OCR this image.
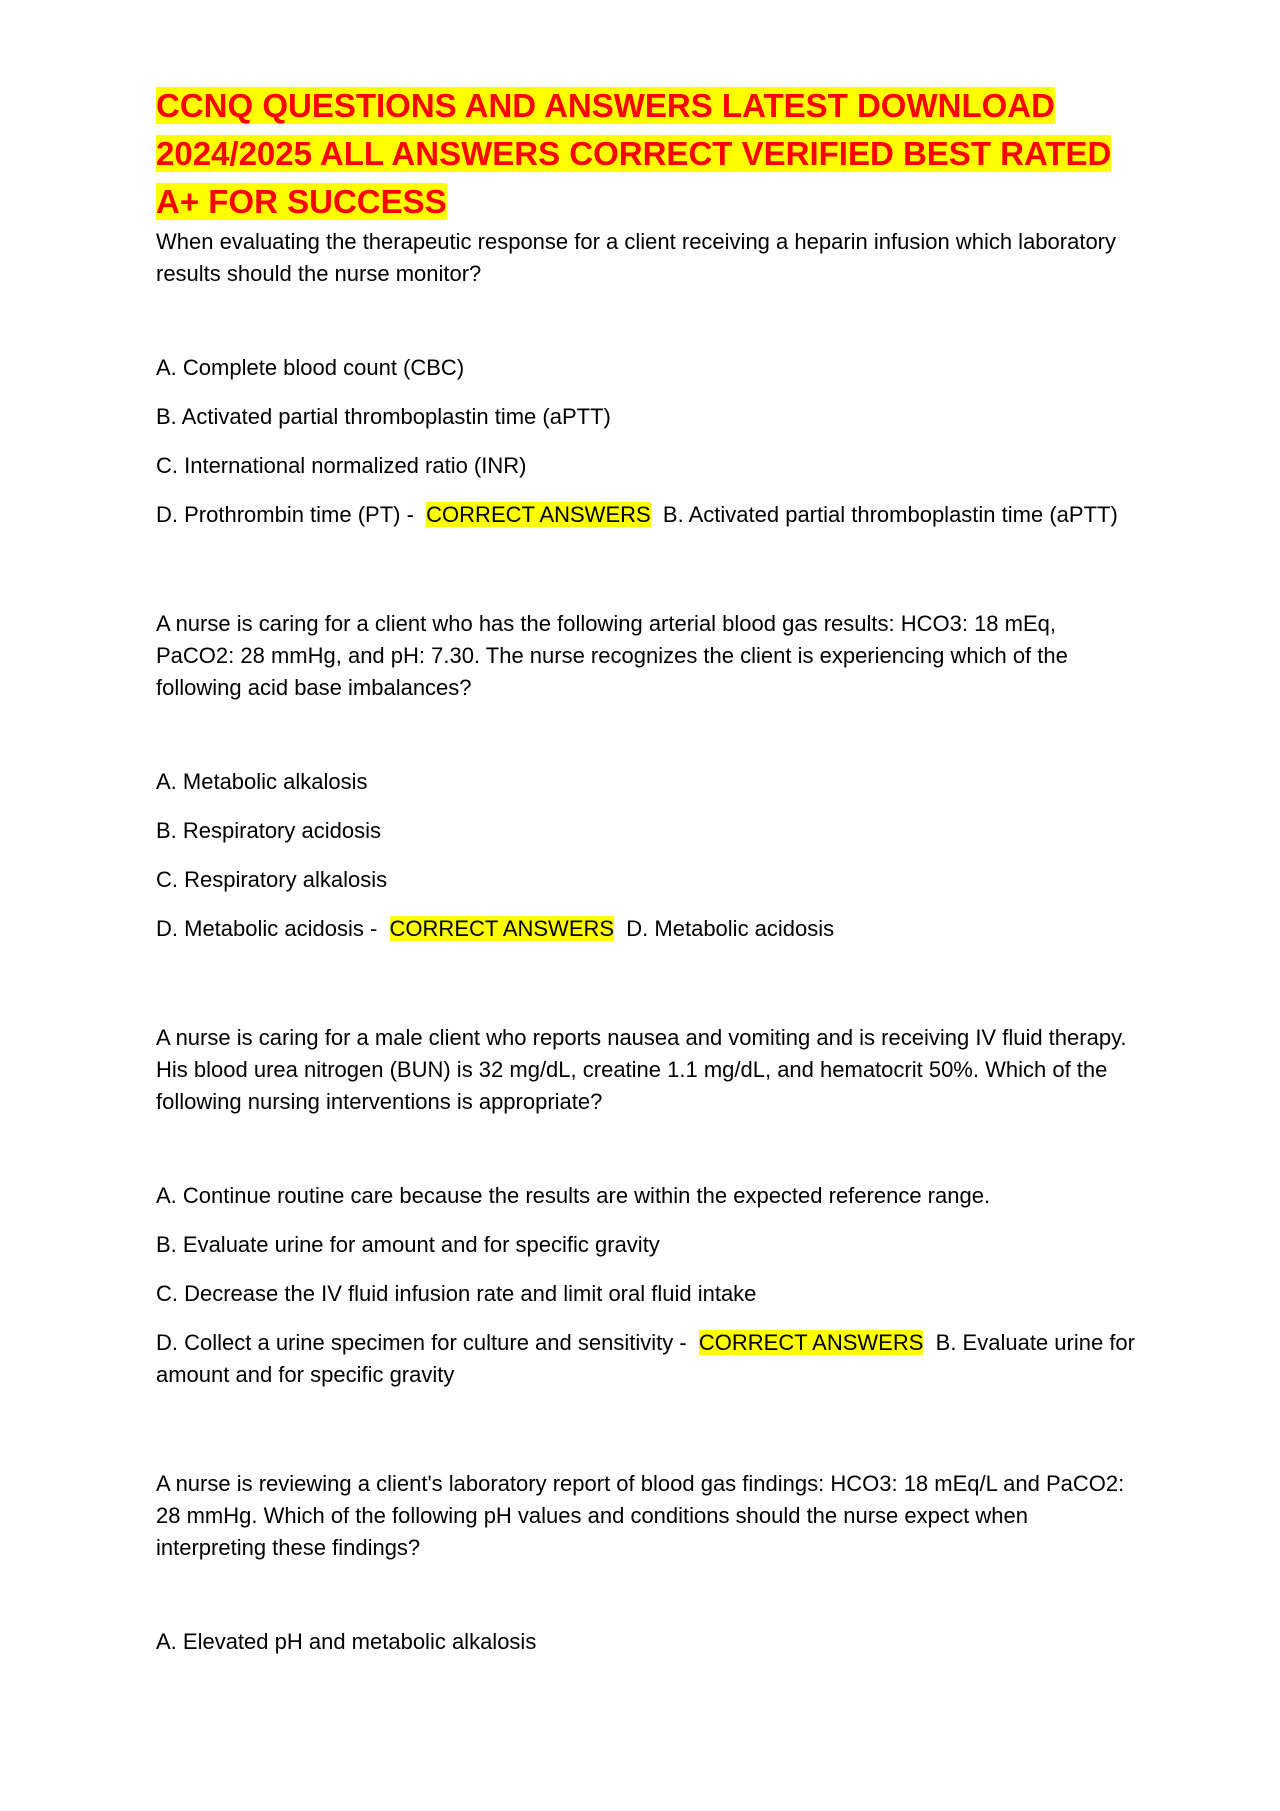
CCNQ QUESTIONS AND ANSWERS LATEST DOWNLOAD 2024/2025 ALL ANSWERS CORRECT VERIFIED BEST RATED A+ FOR SUCCESS

When evaluating the therapeutic response for a client receiving a heparin infusion which laboratory results should the nurse monitor?

A. Complete blood count (CBC)

B. Activated partial thromboplastin time (aPTT)

C. International normalized ratio (INR)

D. Prothrombin time (PT) -  CORRECT ANSWERS B. Activated partial thromboplastin time (aPTT)

A nurse is caring for a client who has the following arterial blood gas results: HCO3: 18 mEq, PaCO2: 28 mmHg, and pH: 7.30. The nurse recognizes the client is experiencing which of the following acid base imbalances?

A. Metabolic alkalosis

B. Respiratory acidosis

C. Respiratory alkalosis

D. Metabolic acidosis -  CORRECT ANSWERS D. Metabolic acidosis

A nurse is caring for a male client who reports nausea and vomiting and is receiving IV fluid therapy. His blood urea nitrogen (BUN) is 32 mg/dL, creatine 1.1 mg/dL, and hematocrit 50%. Which of the following nursing interventions is appropriate?

A. Continue routine care because the results are within the expected reference range.

B. Evaluate urine for amount and for specific gravity

C. Decrease the IV fluid infusion rate and limit oral fluid intake

D. Collect a urine specimen for culture and sensitivity -  CORRECT ANSWERS B. Evaluate urine for amount and for specific gravity

A nurse is reviewing a client's laboratory report of blood gas findings: HCO3: 18 mEq/L and PaCO2: 28 mmHg. Which of the following pH values and conditions should the nurse expect when interpreting these findings?

A. Elevated pH and metabolic alkalosis
